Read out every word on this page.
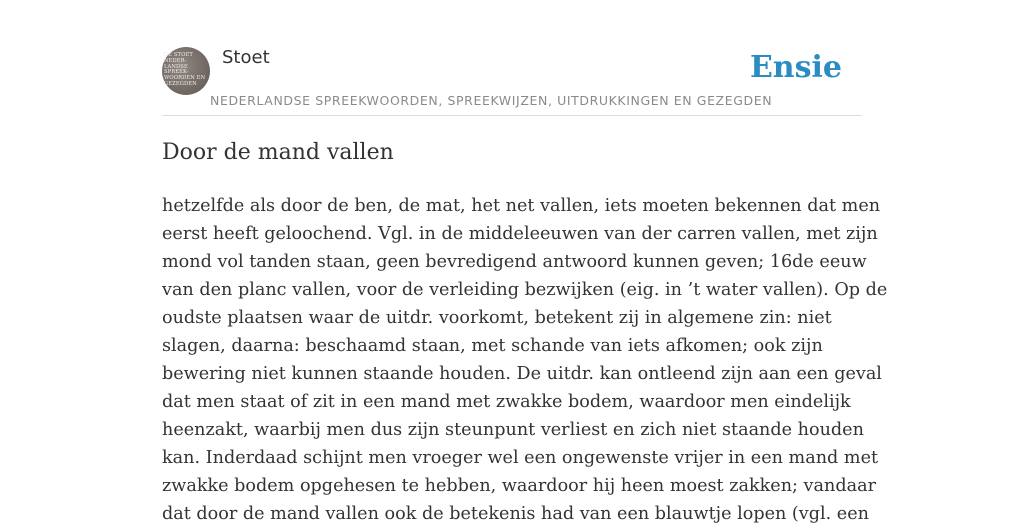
DE STOET
NEDER-
LANDSE
SPREEK-
WOORDEN EN
GEZEGDEN
Stoet
NEDERLANDSE SPREEKWOORDEN, SPREEKWIJZEN, UITDRUKKINGEN EN GEZEGDEN
Ensie
Door de mand vallen
hetzelfde als door de ben, de mat, het net vallen, iets moeten bekennen dat men
eerst heeft geloochend. Vgl. in de middeleeuwen van der carren vallen, met zijn
mond vol tanden staan, geen bevredigend antwoord kunnen geven; 16de eeuw
van den planc vallen, voor de verleiding bezwijken (eig. in ’t water vallen). Op de
oudste plaatsen waar de uitdr. voorkomt, betekent zij in algemene zin: niet
slagen, daarna: beschaamd staan, met schande van iets afkomen; ook zijn
bewering niet kunnen staande houden. De uitdr. kan ontleend zijn aan een geval
dat men staat of zit in een mand met zwakke bodem, waardoor men eindelijk
heenzakt, waarbij men dus zijn steunpunt verliest en zich niet staande houden
kan. Inderdaad schijnt men vroeger wel een ongewenste vrijer in een mand met
zwakke bodem opgehesen te hebben, waardoor hij heen moest zakken; vandaar
dat door de mand vallen ook de betekenis had van een blauwtje lopen (vgl. een
